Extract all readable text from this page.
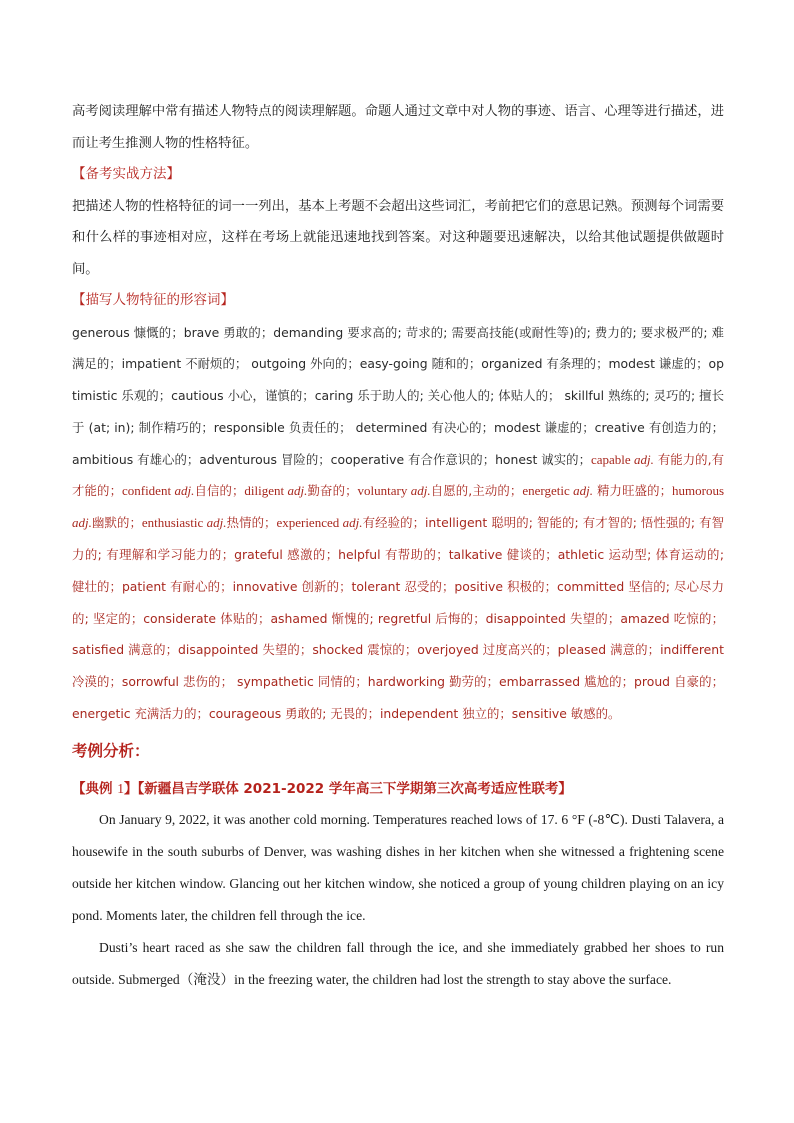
高考阅读理解中常有描述人物特点的阅读理解题。命题人通过文章中对人物的事迹、语言、心理等进行描述，进而让考生推测人物的性格特征。

【备考实战方法】

把描述人物的性格特征的词一一列出，基本上考题不会超出这些词汇，考前把它们的意思记熟。预测每个词需要和什么样的事迹相对应，这样在考场上就能迅速地找到答案。对这种题要迅速解决，以给其他试题提供做题时间。

【描写人物特征的形容词】

generous 慷慨的；brave 勇敢的；demanding 要求高的; 苛求的; 需要高技能(或耐性等)的; 费力的; 要求极严的; 难满足的；impatient 不耐烦的； outgoing 外向的；easy-going 随和的；organized 有条理的；modest 谦虚的；optimistic 乐观的；cautious 小心，谨慎的；caring 乐于助人的; 关心他人的; 体贴人的； skillful 熟练的; 灵巧的; 擅长于 (at; in); 制作精巧的；responsible 负责任的； determined 有决心的；modest 谦虚的；creative 有创造力的；ambitious 有雄心的；adventurous 冒险的；cooperative 有合作意识的；honest 诚实的；capable adj. 有能力的,有才能的；confident adj.自信的；diligent adj.勤奋的；voluntary adj.自愿的,主动的；energetic adj. 精力旺盛的；humorous adj.幽默的；enthusiastic adj.热情的；experienced adj.有经验的；intelligent 聪明的; 智能的; 有才智的; 悟性强的; 有智力的; 有理解和学习能力的；grateful 感激的；helpful 有帮助的；talkative 健谈的；athletic 运动型; 体育运动的; 健壮的；patient 有耐心的；innovative 创新的；tolerant 忍受的；positive 积极的；committed 坚信的; 尽心尽力的; 坚定的；considerate 体贴的；ashamed 惭愧的; regretful 后悔的；disappointed 失望的；amazed 吃惊的；satisfied 满意的；disappointed 失望的；shocked 震惊的；overjoyed 过度高兴的；pleased 满意的；indifferent 冷漠的；sorrowful 悲伤的； sympathetic 同情的；hardworking 勤劳的；embarrassed 尴尬的；proud 自豪的；energetic 充满活力的；courageous 勇敢的; 无畏的；independent 独立的；sensitive 敏感的。

考例分析：

【典例 1】【新疆昌吉学联体 2021-2022 学年高三下学期第三次高考适应性联考】

On January 9, 2022, it was another cold morning. Temperatures reached lows of 17. 6 °F (-8℃). Dusti Talavera, a housewife in the south suburbs of Denver, was washing dishes in her kitchen when she witnessed a frightening scene outside her kitchen window. Glancing out her kitchen window, she noticed a group of young children playing on an icy pond. Moments later, the children fell through the ice.

Dusti’s heart raced as she saw the children fall through the ice, and she immediately grabbed her shoes to run outside. Submerged（淹没）in the freezing water, the children had lost the strength to stay above the surface.
